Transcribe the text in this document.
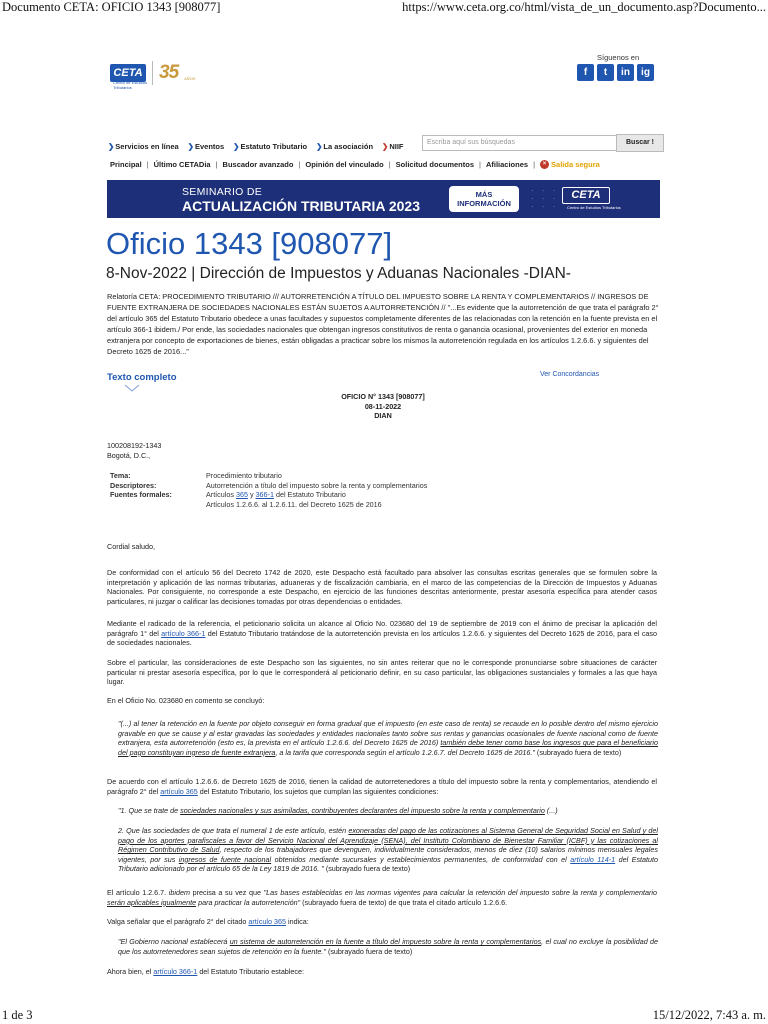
Documento CETA: OFICIO 1343 [908077]	https://www.ceta.org.co/html/vista_de_un_documento.asp?Documento...
1 de 3	15/12/2022, 7:43 a. m.
CETA 35 AÑOS
Centro de Estudios Tributarios
Síguenos en
f	t	in	ig
❯Servicios en línea ❯Eventos ❯Estatuto Tributario ❯La asociación ❯NIIF	Escriba aquí sus búsquedas	Buscar !
Principal | Último CETADia | Buscador avanzado | Opinión del vinculado | Solicitud documentos | Afiliaciones |	× Salida segura
SEMINARIO DE
ACTUALIZACIÓN TRIBUTARIA 2023
MÁS
INFORMACIÓN
· · ·
· · ·
· · ·
CETA
Centro de Estudios Tributarios
Oficio 1343 [908077]
8-Nov-2022 | Dirección de Impuestos y Aduanas Nacionales -DIAN-
Relatoría CETA: PROCEDIMIENTO TRIBUTARIO /// AUTORRETENCIÓN A TÍTULO DEL IMPUESTO SOBRE LA RENTA Y COMPLEMENTARIOS // INGRESOS DE FUENTE EXTRANJERA DE SOCIEDADES NACIONALES ESTÁN SUJETOS A AUTORRETENCIÓN // "...Es evidente que la autorretención de que trata el parágrafo 2° del artículo 365 del Estatuto Tributario obedece a unas facultades y supuestos completamente diferentes de las relacionadas con la retención en la fuente prevista en el artículo 366-1 ibidem./ Por ende, las sociedades nacionales que obtengan ingresos constitutivos de renta o ganancia ocasional, provenientes del exterior en moneda extranjera por concepto de exportaciones de bienes, están obligadas a practicar sobre los mismos la autorretención regulada en los artículos 1.2.6.6. y siguientes del Decreto 1625 de 2016..."
Texto completo	Ver Concordancias
OFICIO N° 1343 [908077]
08-11-2022
DIAN
100208192-1343
Bogotá, D.C.,
Tema:	Procedimiento tributario
Descriptores:	Autorretención a título del impuesto sobre la renta y complementarios
Fuentes formales:	Artículos 365 y 366-1 del Estatuto Tributario
Artículos 1.2.6.6. al 1.2.6.11. del Decreto 1625 de 2016
Cordial saludo,

De conformidad con el artículo 56 del Decreto 1742 de 2020, este Despacho está facultado para absolver las consultas escritas generales que se formulen sobre la interpretación y aplicación de las normas tributarias, aduaneras y de fiscalización cambiaria, en el marco de las competencias de la Dirección de Impuestos y Aduanas Nacionales. Por consiguiente, no corresponde a este Despacho, en ejercicio de las funciones descritas anteriormente, prestar asesoría específica para atender casos particulares, ni juzgar o calificar las decisiones tomadas por otras dependencias o entidades.

Mediante el radicado de la referencia, el peticionario solicita un alcance al Oficio No. 023680 del 19 de septiembre de 2019 con el ánimo de precisar la aplicación del parágrafo 1° del artículo 366-1 del Estatuto Tributario tratándose de la autorretención prevista en los artículos 1.2.6.6. y siguientes del Decreto 1625 de 2016, para el caso de sociedades nacionales.

Sobre el particular, las consideraciones de este Despacho son las siguientes, no sin antes reiterar que no le corresponde pronunciarse sobre situaciones de carácter particular ni prestar asesoría específica, por lo que le corresponderá al peticionario definir, en su caso particular, las obligaciones sustanciales y formales a las que haya lugar.

En el Oficio No. 023680 en comento se concluyó:

"(...) al tener la retención en la fuente por objeto conseguir en forma gradual que el impuesto (en este caso de renta) se recaude en lo posible dentro del mismo ejercicio gravable en que se cause y al estar gravadas las sociedades y entidades nacionales tanto sobre sus rentas y ganancias ocasionales de fuente nacional como de fuente extranjera, esta autorretención (esto es, la prevista en el artículo 1.2.6.6. del Decreto 1625 de 2016) también debe tener como base los ingresos que para el beneficiario del pago constituyan ingreso de fuente extranjera, a la tarifa que corresponda según el artículo 1.2.6.7. del Decreto 1625 de 2016." (subrayado fuera de texto)

De acuerdo con el artículo 1.2.6.6. de Decreto 1625 de 2016, tienen la calidad de autorretenedores a título del impuesto sobre la renta y complementarios, atendiendo el parágrafo 2° del artículo 365 del Estatuto Tributario, los sujetos que cumplan las siguientes condiciones:

"1. Que se trate de sociedades nacionales y sus asimiladas, contribuyentes declarantes del impuesto sobre la renta y complementario (...)

2. Que las sociedades de que trata el numeral 1 de este artículo, estén exoneradas del pago de las cotizaciones al Sistema General de Seguridad Social en Salud y del pago de los aportes parafiscales a favor del Servicio Nacional del Aprendizaje (SENA), del Instituto Colombiano de Bienestar Familiar (ICBF) y las cotizaciones al Régimen Contributivo de Salud, respecto de los trabajadores que devenguen, individualmente considerados, menos de diez (10) salarios mínimos mensuales legales vigentes, por sus ingresos de fuente nacional obtenidos mediante sucursales y establecimientos permanentes, de conformidad con el artículo 114-1 del Estatuto Tributario adicionado por el artículo 65 de la Ley 1819 de 2016. " (subrayado fuera de texto)

El artículo 1.2.6.7. ibidem precisa a su vez que "Las bases establecidas en las normas vigentes para calcular la retención del impuesto sobre la renta y complementario serán aplicables igualmente para practicar la autorretención" (subrayado fuera de texto) de que trata el citado artículo 1.2.6.6.

Valga señalar que el parágrafo 2° del citado artículo 365 indica:

"El Gobierno nacional establecerá un sistema de autorretención en la fuente a título del impuesto sobre la renta y complementarios, el cual no excluye la posibilidad de que los autorretenedores sean sujetos de retención en la fuente." (subrayado fuera de texto)

Ahora bien, el artículo 366-1 del Estatuto Tributario establece:
